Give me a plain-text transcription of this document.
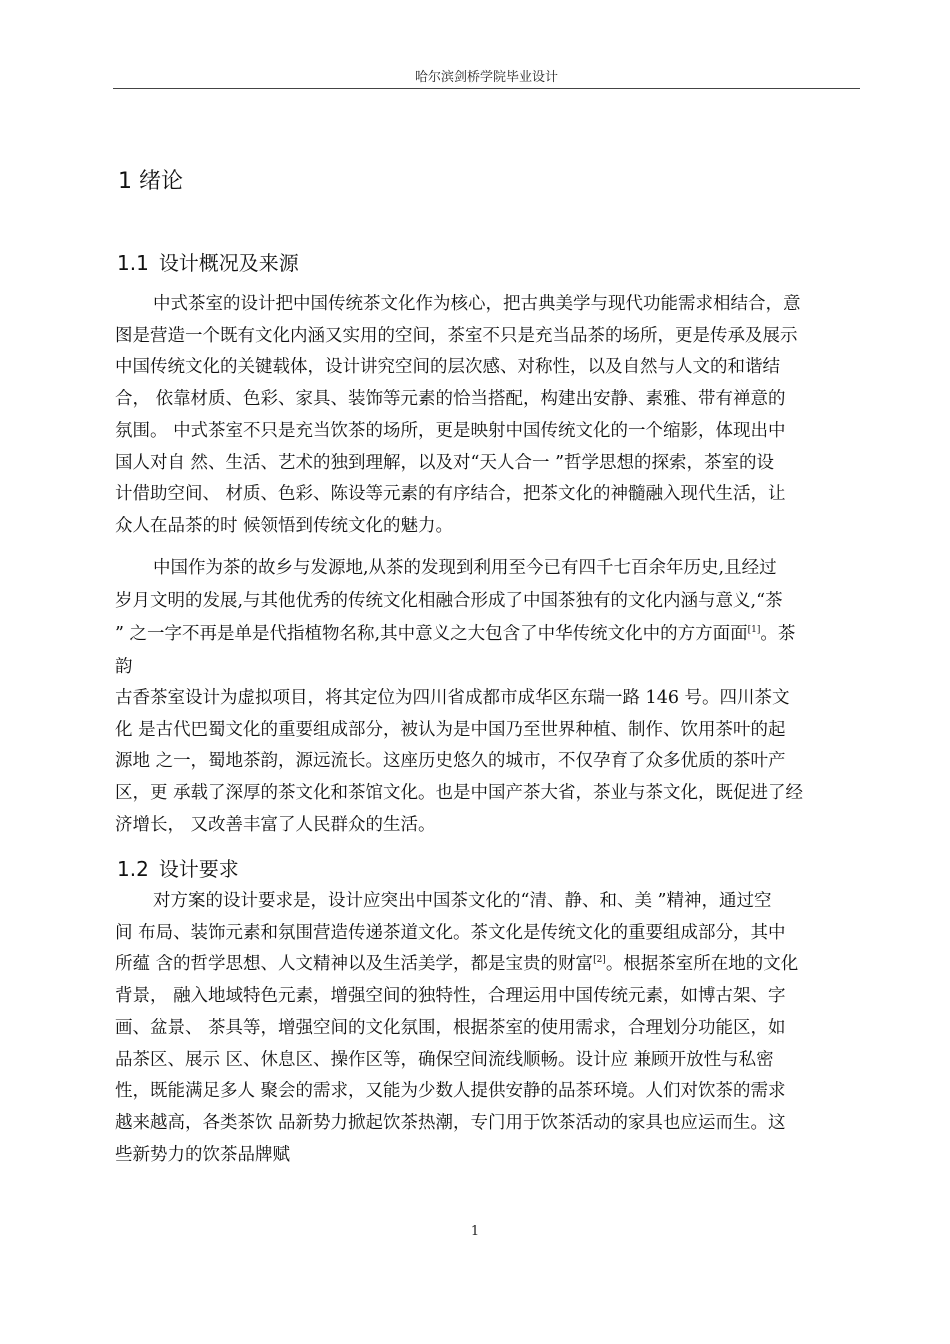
哈尔滨剑桥学院毕业设计
1 绪论
1.1 设计概况及来源

中式茶室的设计把中国传统茶文化作为核心，把古典美学与现代功能需求相结合，意
图是营造一个既有文化内涵又实用的空间，茶室不只是充当品茶的场所，更是传承及展示
中国传统文化的关键载体，设计讲究空间的层次感、对称性，以及自然与人文的和谐结
合， 依靠材质、色彩、家具、装饰等元素的恰当搭配，构建出安静、素雅、带有禅意的
氛围。 中式茶室不只是充当饮茶的场所，更是映射中国传统文化的一个缩影，体现出中
国人对自 然、生活、艺术的独到理解，以及对“天人合一 ”哲学思想的探索，茶室的设
计借助空间、 材质、色彩、陈设等元素的有序结合，把茶文化的神髓融入现代生活，让
众人在品茶的时 候领悟到传统文化的魅力。

中国作为茶的故乡与发源地,从茶的发现到利用至今已有四千七百余年历史,且经过
岁月文明的发展,与其他优秀的传统文化相融合形成了中国茶独有的文化内涵与意义,“茶
” 之一字不再是单是代指植物名称,其中意义之大包含了中华传统文化中的方方面面[1]。茶
韵

古香茶室设计为虚拟项目，将其定位为四川省成都市成华区东瑞一路 146 号。四川茶文
化 是古代巴蜀文化的重要组成部分，被认为是中国乃至世界种植、制作、饮用茶叶的起
源地 之一，蜀地茶韵，源远流长。这座历史悠久的城市，不仅孕育了众多优质的茶叶产
区，更 承载了深厚的茶文化和茶馆文化。也是中国产茶大省，茶业与茶文化，既促进了经
济增长， 又改善丰富了人民群众的生活。

1.2 设计要求

对方案的设计要求是，设计应突出中国茶文化的“清、静、和、美 ”精神，通过空
间 布局、装饰元素和氛围营造传递茶道文化。茶文化是传统文化的重要组成部分，其中
所蕴 含的哲学思想、人文精神以及生活美学，都是宝贵的财富[2]。根据茶室所在地的文化
背景， 融入地域特色元素，增强空间的独特性，合理运用中国传统元素，如博古架、字
画、盆景、 茶具等，增强空间的文化氛围，根据茶室的使用需求，合理划分功能区，如
品茶区、展示 区、休息区、操作区等，确保空间流线顺畅。设计应 兼顾开放性与私密
性，既能满足多人 聚会的需求，又能为少数人提供安静的品茶环境。人们对饮茶的需求
越来越高，各类茶饮 品新势力掀起饮茶热潮，专门用于饮茶活动的家具也应运而生。这
些新势力的饮茶品牌赋

1
